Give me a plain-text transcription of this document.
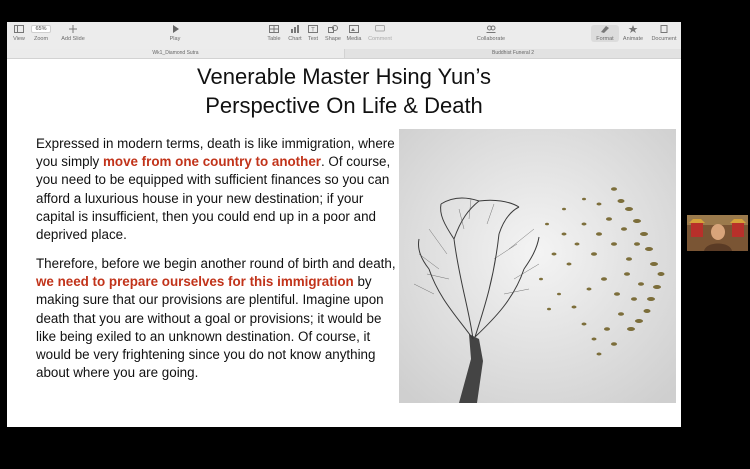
View
65%
Zoom	Add Slide	Play	Table Chart
T
Text	Shape Media Comment	Collaborate	Format	Animate Document
Wk1_Diamond Sutra	Buddhist Funeral 2
Venerable Master Hsing Yun’s
Perspective On Life & Death
Expressed in modern terms, death is like immigration, where you simply move from one country to another. Of course, you need to be equipped with sufficient finances so you can afford a luxurious house in your new destination; if your capital is insufficient, then you could end up in a poor and deprived place.
Therefore, before we begin another round of birth and death, we need to prepare ourselves for this immigration by making sure that our provisions are plentiful. Imagine upon death that you are without a goal or provisions; it would be like being exiled to an unknown destination. Of course, it would be very frightening since you do not know anything about where you are going.
